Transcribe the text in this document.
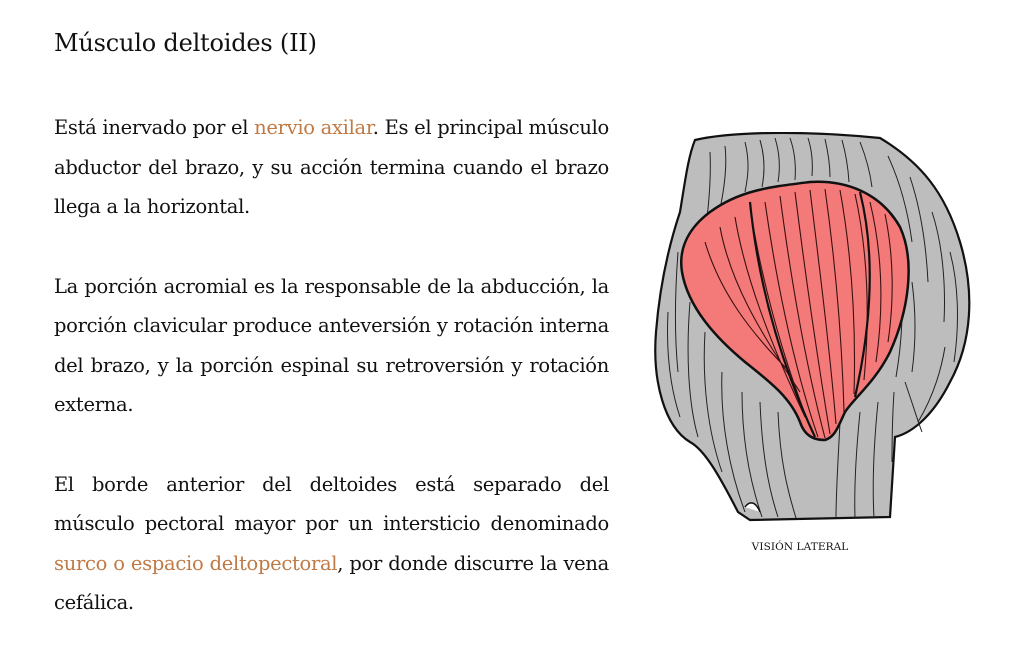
Músculo deltoides (II)

Está inervado por el nervio axilar. Es el principal músculo abductor del brazo, y su acción termina cuando el brazo llega a la horizontal.

La porción acromial es la responsable de la abducción, la porción clavicular produce anteversión y rotación interna del brazo, y la porción espinal su retroversión y rotación externa.

El borde anterior del deltoides está separado del músculo pectoral mayor por un intersticio denominado surco o espacio deltopectoral, por donde discurre la vena cefálica.

VISIÓN LATERAL
